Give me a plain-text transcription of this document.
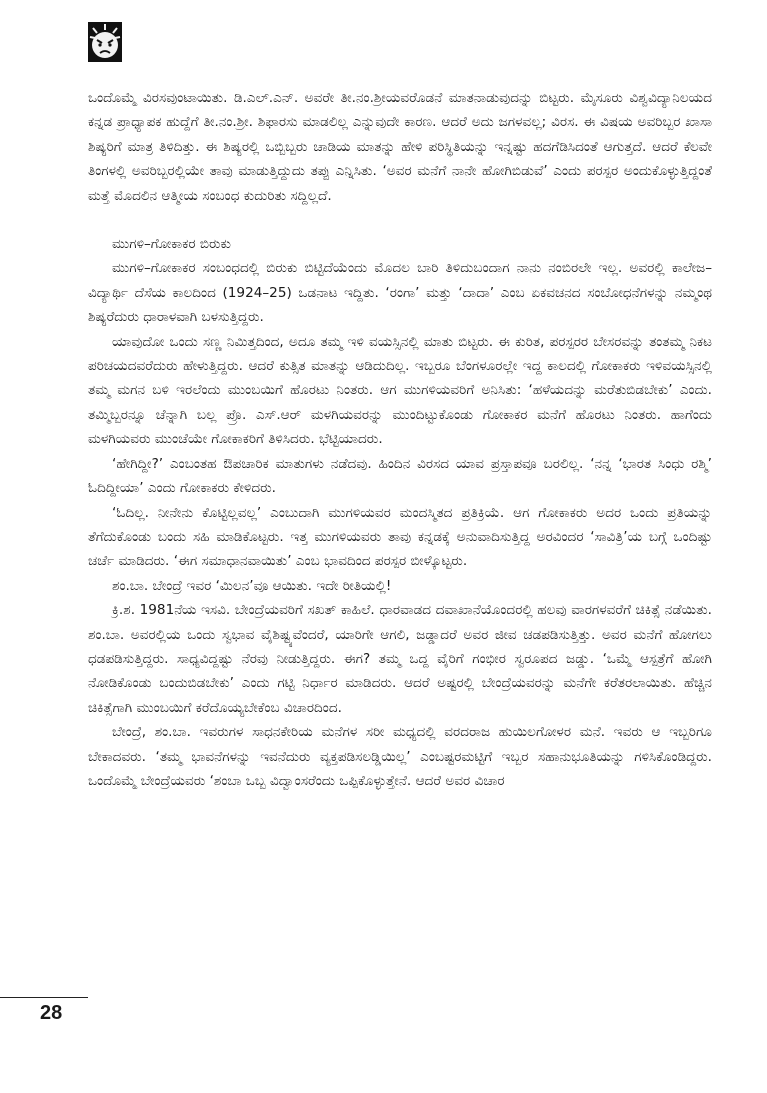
ಒಂದೊಮ್ಮೆ ವಿರಸವುಂಟಾಯಿತು. ಡಿ.ಎಲ್.ಎನ್. ಅವರೇ ತೀ.ನಂ.ಶ್ರೀಯವರೊಡನೆ ಮಾತನಾಡುವುದನ್ನು ಬಿಟ್ಟರು. ಮೈಸೂರು ವಿಶ್ವವಿದ್ಯಾನಿಲಯದ ಕನ್ನಡ ಪ್ರಾಧ್ಯಾಪಕ ಹುದ್ದೆಗೆ ತೀ.ನಂ.ಶ್ರೀ. ಶಿಫಾರಸು ಮಾಡಲಿಲ್ಲ ಎನ್ನುವುದೇ ಕಾರಣ. ಆದರೆ ಅದು ಜಗಳವಲ್ಲ; ವಿರಸ. ಈ ವಿಷಯ ಅವರಿಬ್ಬರ ಖಾಸಾ ಶಿಷ್ಯರಿಗೆ ಮಾತ್ರ ತಿಳಿದಿತ್ತು. ಈ ಶಿಷ್ಯರಲ್ಲಿ ಒಬ್ಬಿಬ್ಬರು ಚಾಡಿಯ ಮಾತನ್ನು ಹೇಳಿ ಪರಿಸ್ಥಿತಿಯನ್ನು ಇನ್ನಷ್ಟು ಹದಗೆಡಿಸಿದಂತೆ ಆಗುತ್ತದೆ. ಆದರೆ ಕೆಲವೇ ತಿಂಗಳಲ್ಲಿ ಅವರಿಬ್ಬರಲ್ಲಿಯೇ ತಾವು ಮಾಡುತ್ತಿದ್ದುದು ತಪ್ಪು ಎನ್ನಿಸಿತು. ‘ಅವರ ಮನೆಗೆ ನಾನೇ ಹೋಗಿಬಿಡುವೆ’ ಎಂದು ಪರಸ್ಪರ ಅಂದುಕೊಳ್ಳುತ್ತಿದ್ದಂತೆ ಮತ್ತೆ ಮೊದಲಿನ ಆತ್ಮೀಯ ಸಂಬಂಧ ಕುದುರಿತು ಸದ್ದಿಲ್ಲದೆ.

ಮುಗಳಿ–ಗೋಕಾಕರ ಬಿರುಕು

ಮುಗಳಿ–ಗೋಕಾಕರ ಸಂಬಂಧದಲ್ಲಿ ಬಿರುಕು ಬಿಟ್ಟಿದೆಯೆಂದು ಮೊದಲ ಬಾರಿ ತಿಳಿದುಬಂದಾಗ ನಾನು ನಂಬಿರಲೇ ಇಲ್ಲ. ಅವರಲ್ಲಿ ಕಾಲೇಜ–ವಿದ್ಯಾರ್ಥಿ ದೆಸೆಯ ಕಾಲದಿಂದ (1924–25) ಒಡನಾಟ ಇದ್ದಿತು. ‘ರಂಗಾ’ ಮತ್ತು ‘ದಾದಾ’ ಎಂಬ ಏಕವಚನದ ಸಂಬೋಧನೆಗಳನ್ನು ನಮ್ಮಂಥ ಶಿಷ್ಯರೆದುರು ಧಾರಾಳವಾಗಿ ಬಳಸುತ್ತಿದ್ದರು.

ಯಾವುದೋ ಒಂದು ಸಣ್ಣ ನಿಮಿತ್ತದಿಂದ, ಅದೂ ತಮ್ಮ ಇಳಿ ವಯಸ್ಸಿನಲ್ಲಿ ಮಾತು ಬಿಟ್ಟರು. ಈ ಕುರಿತ, ಪರಸ್ಪರರ ಬೇಸರವನ್ನು ತಂತಮ್ಮ ನಿಕಟ ಪರಿಚಯದವರೆದುರು ಹೇಳುತ್ತಿದ್ದರು. ಆದರೆ ಕುತ್ಸಿತ ಮಾತನ್ನು ಆಡಿದುದಿಲ್ಲ. ಇಬ್ಬರೂ ಬೆಂಗಳೂರಲ್ಲೇ ಇದ್ದ ಕಾಲದಲ್ಲಿ ಗೋಕಾಕರು ಇಳಿವಯಸ್ಸಿನಲ್ಲಿ ತಮ್ಮ ಮಗನ ಬಳಿ ಇರಲೆಂದು ಮುಂಬಯಿಗೆ ಹೊರಟು ನಿಂತರು. ಆಗ ಮುಗಳಿಯವರಿಗೆ ಅನಿಸಿತು: ‘ಹಳೆಯದನ್ನು ಮರೆತುಬಿಡಬೇಕು’ ಎಂದು. ತಮ್ಮಿಬ್ಬರನ್ನೂ ಚೆನ್ನಾಗಿ ಬಲ್ಲ ಪ್ರೊ. ಎಸ್.ಆರ್ ಮಳಗಿಯವರನ್ನು ಮುಂದಿಟ್ಟುಕೊಂಡು ಗೋಕಾಕರ ಮನೆಗೆ ಹೊರಟು ನಿಂತರು. ಹಾಗೆಂದು ಮಳಗಿಯವರು ಮುಂಚೆಯೇ ಗೋಕಾಕರಿಗೆ ತಿಳಿಸಿದರು. ಭೆಟ್ಟಿಯಾದರು.

‘ಹೇಗಿದ್ದೀ?’ ಎಂಬಂತಹ ಔಪಚಾರಿಕ ಮಾತುಗಳು ನಡೆದವು. ಹಿಂದಿನ ವಿರಸದ ಯಾವ ಪ್ರಸ್ತಾಪವೂ ಬರಲಿಲ್ಲ. ‘ನನ್ನ ‘ಭಾರತ ಸಿಂಧು ರಶ್ಮಿ’ ಓದಿದ್ದೀಯಾ’ ಎಂದು ಗೋಕಾಕರು ಕೇಳಿದರು.

‘ಓದಿಲ್ಲ. ನೀನೇನು ಕೊಟ್ಟಿಲ್ಲವಲ್ಲ’ ಎಂಬುದಾಗಿ ಮುಗಳಿಯವರ ಮಂದಸ್ಮಿತದ ಪ್ರತಿಕ್ರಿಯೆ. ಆಗ ಗೋಕಾಕರು ಅದರ ಒಂದು ಪ್ರತಿಯನ್ನು ತೆಗೆದುಕೊಂಡು ಬಂದು ಸಹಿ ಮಾಡಿಕೊಟ್ಟರು. ಇತ್ತ ಮುಗಳಿಯವರು ತಾವು ಕನ್ನಡಕ್ಕೆ ಅನುವಾದಿಸುತ್ತಿದ್ದ ಅರವಿಂದರ ‘ಸಾವಿತ್ರಿ’ಯ ಬಗ್ಗೆ ಒಂದಿಷ್ಟು ಚರ್ಚೆ ಮಾಡಿದರು. ‘ಈಗ ಸಮಾಧಾನವಾಯಿತು’ ಎಂಬ ಭಾವದಿಂದ ಪರಸ್ಪರ ಬೀಳ್ಕೊಟ್ಟರು.

ಶಂ.ಬಾ. ಬೇಂದ್ರೆ ಇವರ ‘ಮಿಲನ’ವೂ ಆಯಿತು. ಇದೇ ರೀತಿಯಲ್ಲಿ!

ಕ್ರಿ.ಶ. 1981ನೆಯ ಇಸವಿ. ಬೇಂದ್ರೆಯವರಿಗೆ ಸಖತ್ ಕಾಹಿಲೆ. ಧಾರವಾಡದ ದವಾಖಾನೆಯೊಂದರಲ್ಲಿ ಹಲವು ವಾರಗಳವರೆಗೆ ಚಿಕಿತ್ಸೆ ನಡೆಯಿತು. ಶಂ.ಬಾ. ಅವರಲ್ಲಿಯ ಒಂದು ಸ್ವಭಾವ ವೈಶಿಷ್ಟ್ಯವೆಂದರೆ, ಯಾರಿಗೇ ಆಗಲಿ, ಜಡ್ಡಾದರೆ ಅವರ ಜೀವ ಚಡಪಡಿಸುತ್ತಿತ್ತು. ಅವರ ಮನೆಗೆ ಹೋಗಲು ಧಡಪಡಿಸುತ್ತಿದ್ದರು. ಸಾಧ್ಯವಿದ್ದಷ್ಟು ನೆರವು ನೀಡುತ್ತಿದ್ದರು. ಈಗ? ತಮ್ಮ ಒದ್ದ ವೈರಿಗೆ ಗಂಭೀರ ಸ್ವರೂಪದ ಜಡ್ಡು. ‘ಒಮ್ಮೆ ಆಸ್ಪತ್ರೆಗೆ ಹೋಗಿ ನೋಡಿಕೊಂಡು ಬಂದುಬಿಡಬೇಕು’ ಎಂದು ಗಟ್ಟಿ ನಿರ್ಧಾರ ಮಾಡಿದರು. ಆದರೆ ಅಷ್ಟರಲ್ಲಿ ಬೇಂದ್ರೆಯವರನ್ನು ಮನೆಗೇ ಕರೆತರಲಾಯಿತು. ಹೆಚ್ಚಿನ ಚಿಕಿತ್ಸೆಗಾಗಿ ಮುಂಬಯಿಗೆ ಕರೆದೊಯ್ಯಬೇಕೆಂಬ ವಿಚಾರದಿಂದ.

ಬೇಂದ್ರೆ, ಶಂ.ಬಾ. ಇವರುಗಳ ಸಾಧನಕೇರಿಯ ಮನೆಗಳ ಸರೀ ಮಧ್ಯದಲ್ಲಿ ವರದರಾಜ ಹುಯಿಲಗೋಳರ ಮನೆ. ಇವರು ಆ ಇಬ್ಬರಿಗೂ ಬೇಕಾದವರು. ‘ತಮ್ಮ ಭಾವನೆಗಳನ್ನು ಇವನೆದುರು ವ್ಯಕ್ತಪಡಿಸಲಡ್ಡಿಯಿಲ್ಲ’ ಎಂಬಷ್ಟರಮಟ್ಟಿಗೆ ಇಬ್ಬರ ಸಹಾನುಭೂತಿಯನ್ನು ಗಳಿಸಿಕೊಂಡಿದ್ದರು. ಒಂದೊಮ್ಮೆ ಬೇಂದ್ರೆಯವರು ‘ಶಂಬಾ ಒಬ್ಬ ವಿದ್ವಾಂಸರೆಂದು ಒಪ್ಪಿಕೊಳ್ಳುತ್ತೇನೆ. ಆದರೆ ಅವರ ವಿಚಾರ

28
